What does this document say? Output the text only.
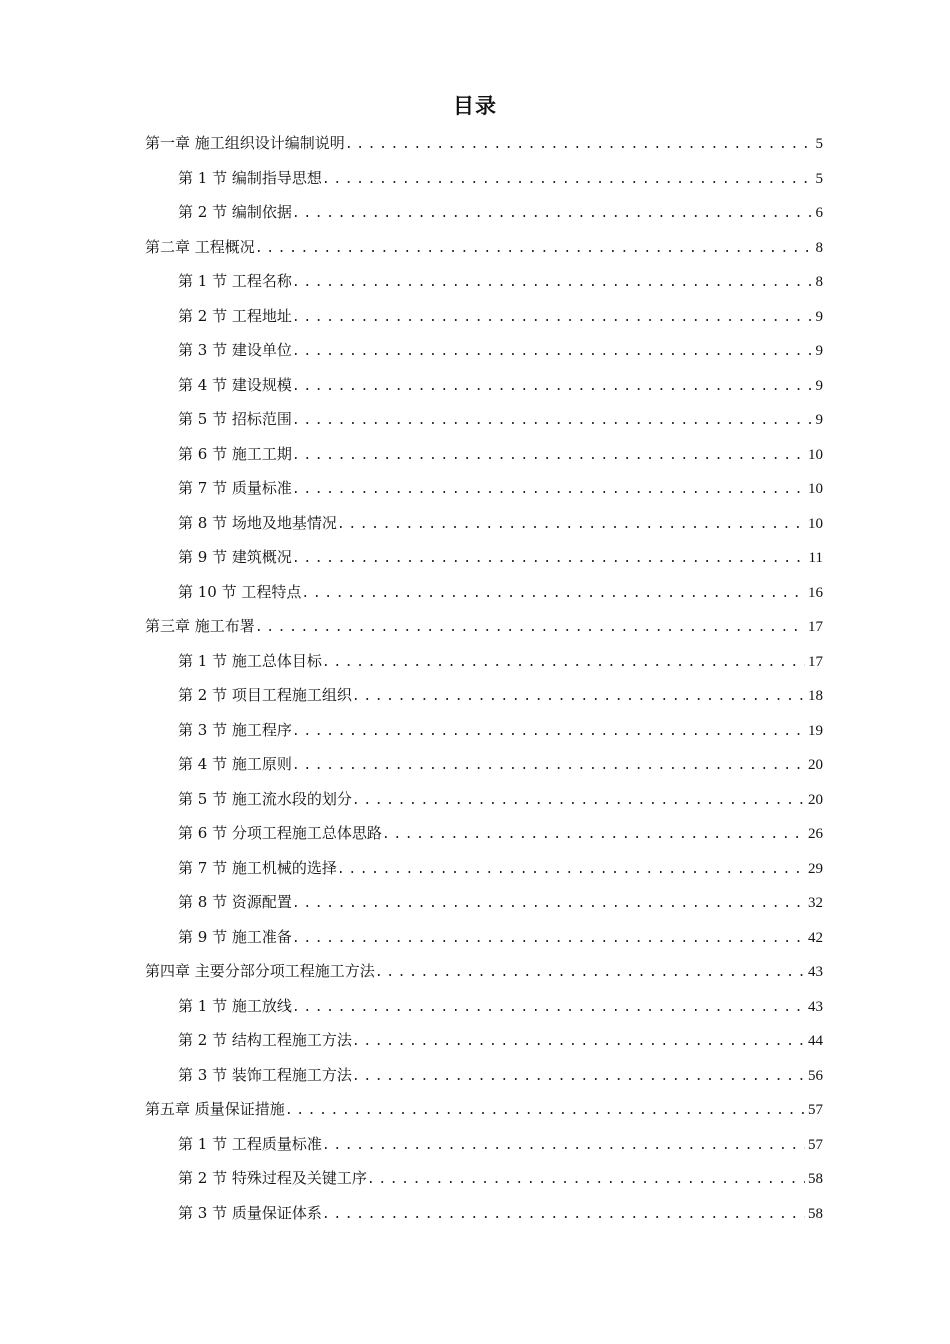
目录
第一章 施工组织设计编制说明 .....	5
第 1 节 编制指导思想 .....	5
第 2 节 编制依据 .....	6
第二章 工程概况 .....	8
第 1 节 工程名称 .....	8
第 2 节 工程地址 .....	9
第 3 节 建设单位 .....	9
第 4 节 建设规模 .....	9
第 5 节 招标范围 .....	9
第 6 节 施工工期 .....	10
第 7 节 质量标准 .....	10
第 8 节 场地及地基情况 .....	10
第 9 节 建筑概况 .....	11
第 10 节 工程特点 .....	16
第三章 施工布署 .....	17
第 1 节 施工总体目标 .....	17
第 2 节 项目工程施工组织 .....	18
第 3 节 施工程序 .....	19
第 4 节 施工原则 .....	20
第 5 节 施工流水段的划分 .....	20
第 6 节 分项工程施工总体思路 .....	26
第 7 节 施工机械的选择 .....	29
第 8 节 资源配置 .....	32
第 9 节 施工准备 .....	42
第四章 主要分部分项工程施工方法 .....	43
第 1 节 施工放线 .....	43
第 2 节 结构工程施工方法 .....	44
第 3 节 装饰工程施工方法 .....	56
第五章 质量保证措施 .....	57
第 1 节 工程质量标准 .....	57
第 2 节 特殊过程及关键工序 .....	58
第 3 节 质量保证体系 .....	58
